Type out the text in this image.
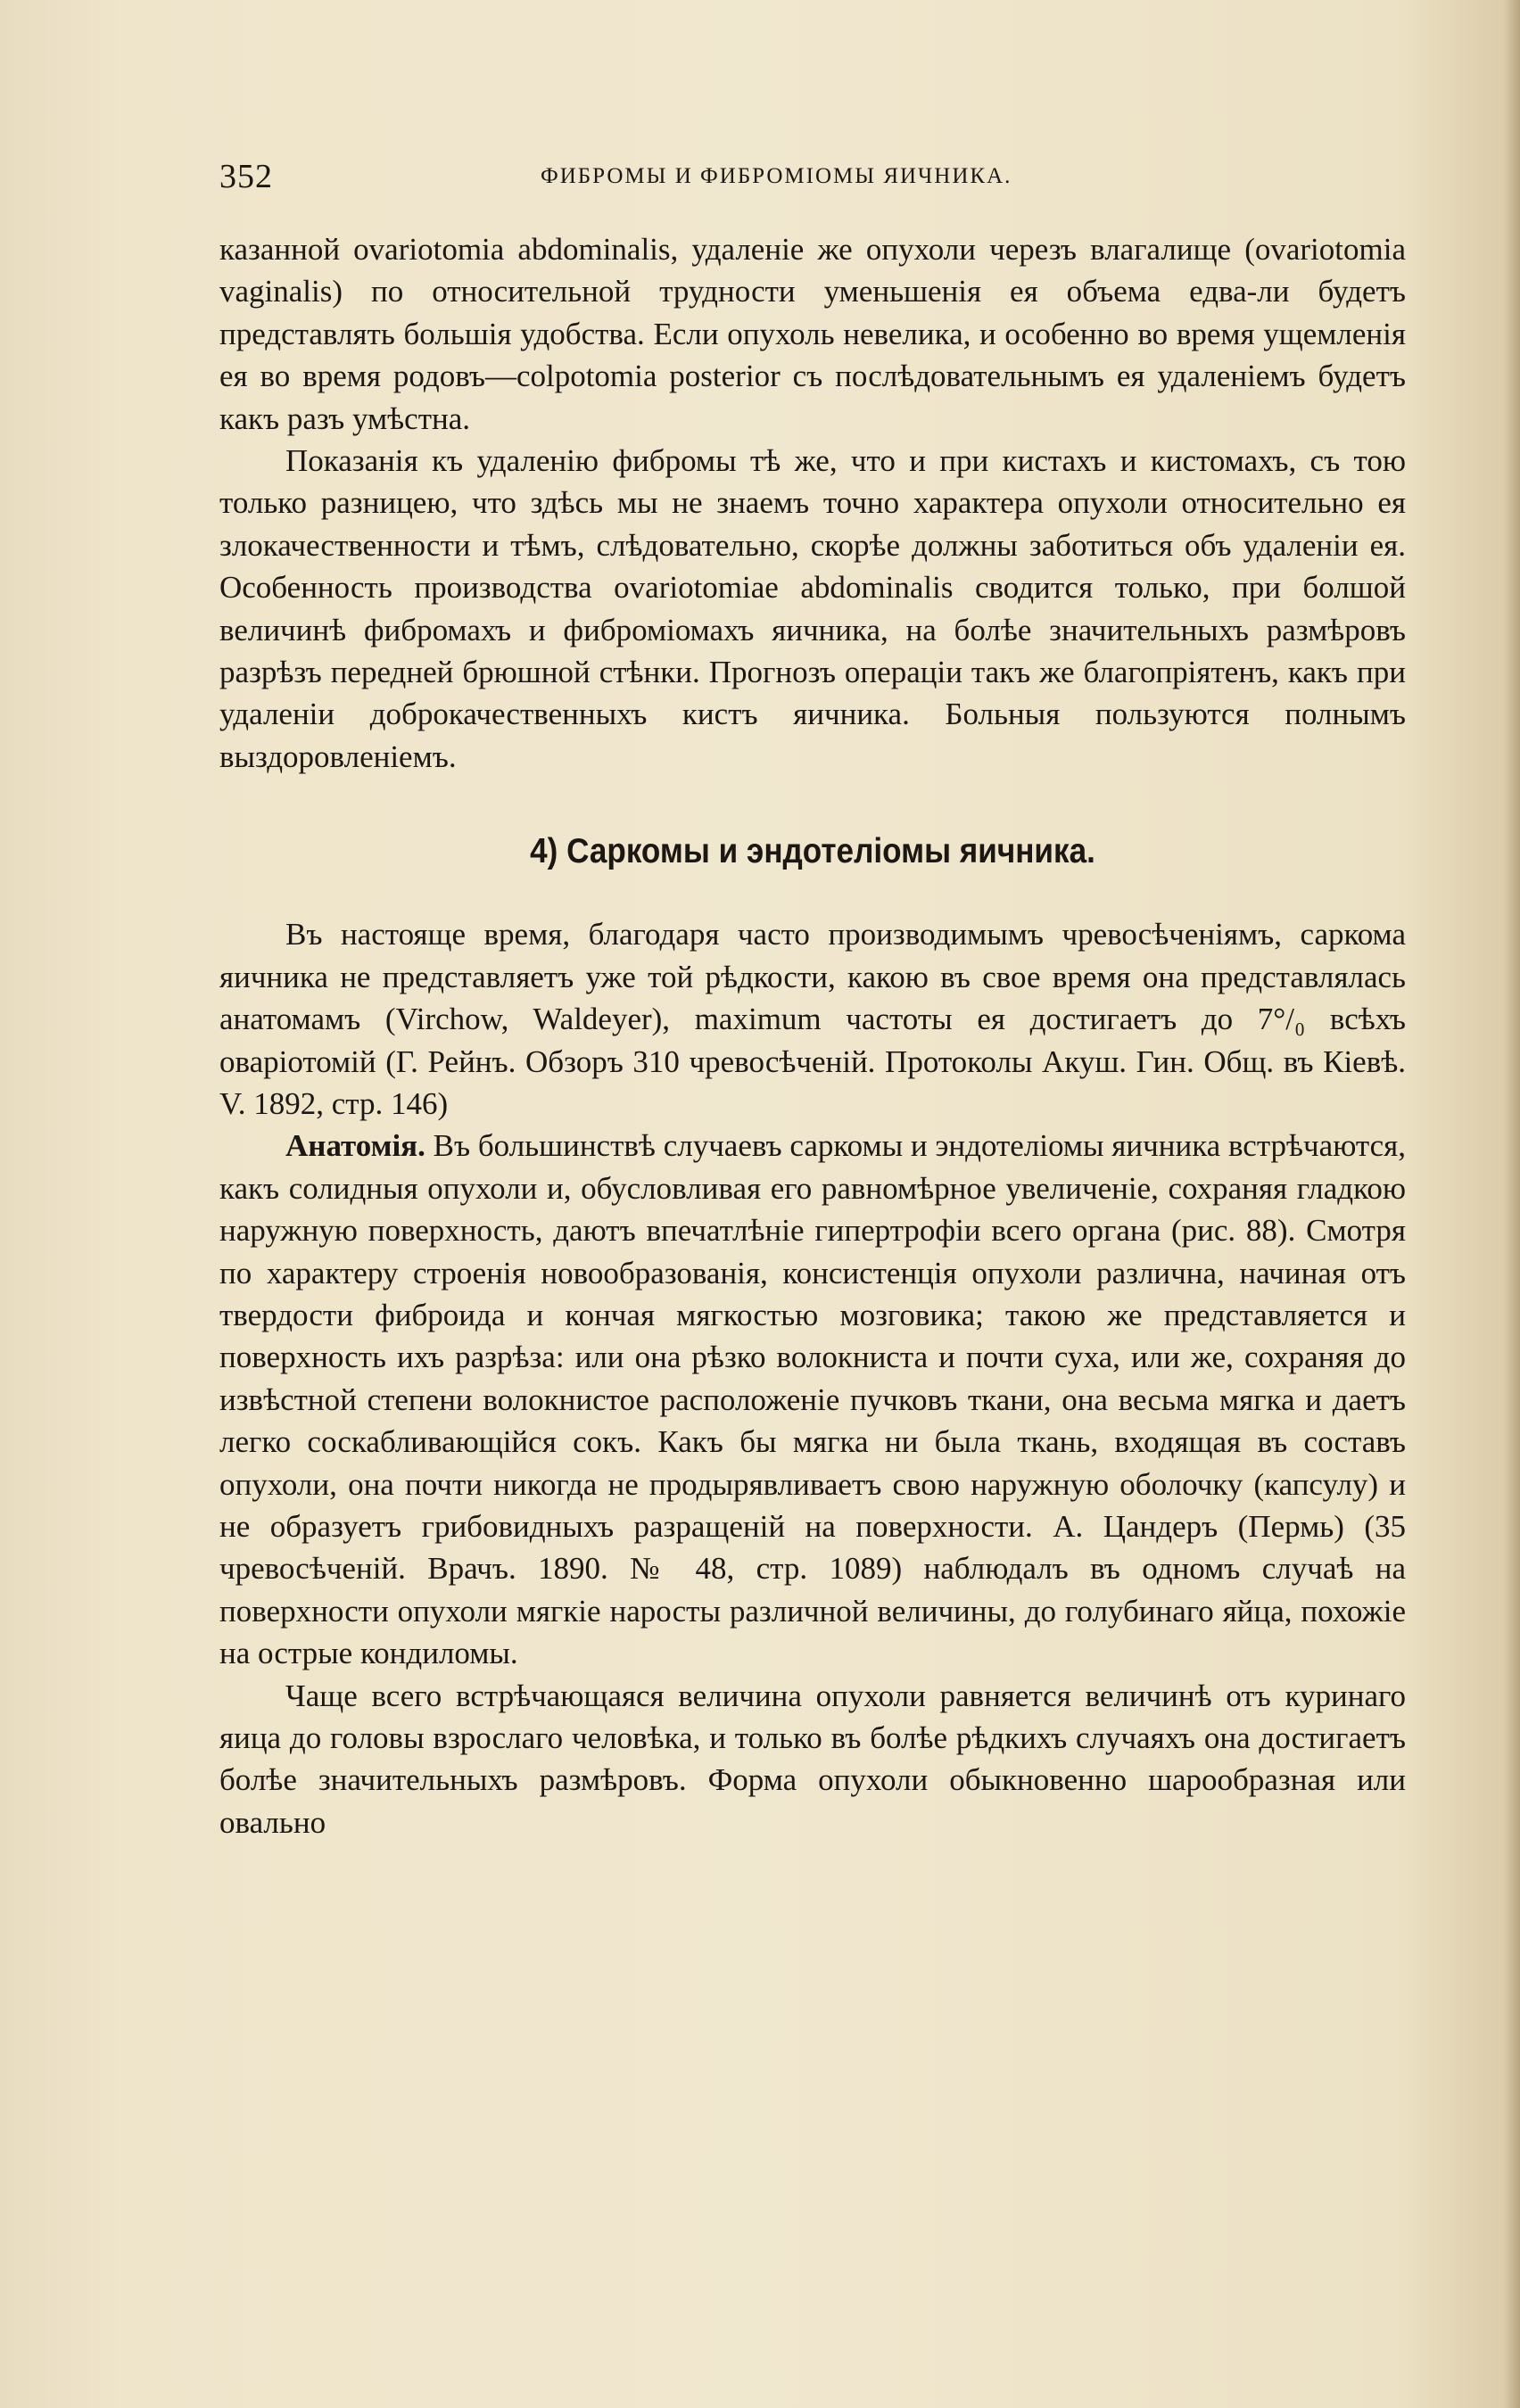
352	ФИБРОМЫ И ФИБРОМІОМЫ ЯИЧНИКА.

казанной ovariotomia abdominalis, удаленіе же опухоли черезъ влагалище (ovariotomia vaginalis) по относительной трудности уменьшенія ея объема едва-ли будетъ представлять большія удобства. Если опухоль невелика, и особенно во время ущемленія ея во время родовъ—colpotomia posterior съ послѣдовательнымъ ея удаленіемъ будетъ какъ разъ умѣстна.

Показанія къ удаленію фибромы тѣ же, что и при кистахъ и кистомахъ, съ тою только разницею, что здѣсь мы не знаемъ точно характера опухоли относительно ея злокачественности и тѣмъ, слѣдовательно, скорѣе должны заботиться объ удаленіи ея. Особенность производства ovariotomiae abdominalis сводится только, при болшой величинѣ фибромахъ и фиброміомахъ яичника, на болѣе значительныхъ размѣровъ разрѣзъ передней брюшной стѣнки. Прогнозъ операціи такъ же благопріятенъ, какъ при удаленіи доброкачественныхъ кистъ яичника. Больныя пользуются полнымъ выздоровленіемъ.

4) Саркомы и эндотеліомы яичника.

Въ настояще время, благодаря часто производимымъ чревосѣченіямъ, саркома яичника не представляетъ уже той рѣдкости, какою въ свое время она представлялась анатомамъ (Virchow, Waldeyer), maximum частоты ея достигаетъ до 7°/₀ всѣхъ оваріотомій (Г. Рейнъ. Обзоръ 310 чревосѣченій. Протоколы Акуш. Гин. Общ. въ Кіевѣ. V. 1892, стр. 146)

Анатомія. Въ большинствѣ случаевъ саркомы и эндотеліомы яичника встрѣчаются, какъ солидныя опухоли и, обусловливая его равномѣрное увеличеніе, сохраняя гладкою наружную поверхность, даютъ впечатлѣніе гипертрофіи всего органа (рис. 88). Смотря по характеру строенія новообразованія, консистенція опухоли различна, начиная отъ твердости фиброида и кончая мягкостью мозговика; такою же представляется и поверхность ихъ разрѣза: или она рѣзко волокниста и почти суха, или же, сохраняя до извѣстной степени волокнистое расположеніе пучковъ ткани, она весьма мягка и даетъ легко соскабливающійся сокъ. Какъ бы мягка ни была ткань, входящая въ составъ опухоли, она почти никогда не продырявливаетъ свою наружную оболочку (капсулу) и не образуетъ грибовидныхъ разращеній на поверхности. А. Цандеръ (Пермь) (35 чревосѣченій. Врачъ. 1890. № 48, стр. 1089) наблюдалъ въ одномъ случаѣ на поверхности опухоли мягкіе наросты различной величины, до голубинаго яйца, похожіе на острые кондиломы.

Чаще всего встрѣчающаяся величина опухоли равняется величинѣ отъ куринаго яица до головы взрослаго человѣка, и только въ болѣе рѣдкихъ случаяхъ она достигаетъ болѣе значительныхъ размѣровъ. Форма опухоли обыкновенно шарообразная или овально
